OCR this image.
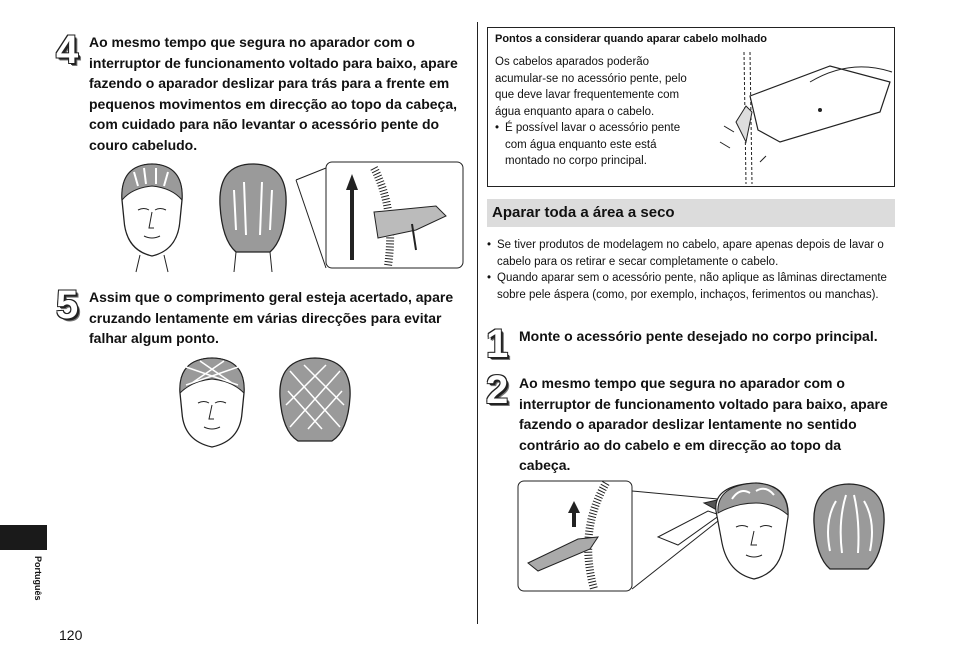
4 Ao mesmo tempo que segura no aparador com o interruptor de funcionamento voltado para baixo, apare fazendo o aparador deslizar para trás para a frente em pequenos movimentos em direcção ao topo da cabeça, com cuidado para não levantar o acessório pente do couro cabeludo.
5 Assim que o comprimento geral esteja acertado, apare cruzando lentamente em várias direcções para evitar falhar algum ponto.
Pontos a considerar quando aparar cabelo molhado
Os cabelos aparados poderão acumular-se no acessório pente, pelo que deve lavar frequentemente com água enquanto apara o cabelo.
• É possível lavar o acessório pente com água enquanto este está montado no corpo principal.
Aparar toda a área a seco
• Se tiver produtos de modelagem no cabelo, apare apenas depois de lavar o cabelo para os retirar e secar completamente o cabelo.
• Quando aparar sem o acessório pente, não aplique as lâminas directamente sobre pele áspera (como, por exemplo, inchaços, ferimentos ou manchas).
1 Monte o acessório pente desejado no corpo principal.
2 Ao mesmo tempo que segura no aparador com o interruptor de funcionamento voltado para baixo, apare fazendo o aparador deslizar lentamente no sentido contrário ao do cabelo e em direcção ao topo da cabeça.
Português
120
